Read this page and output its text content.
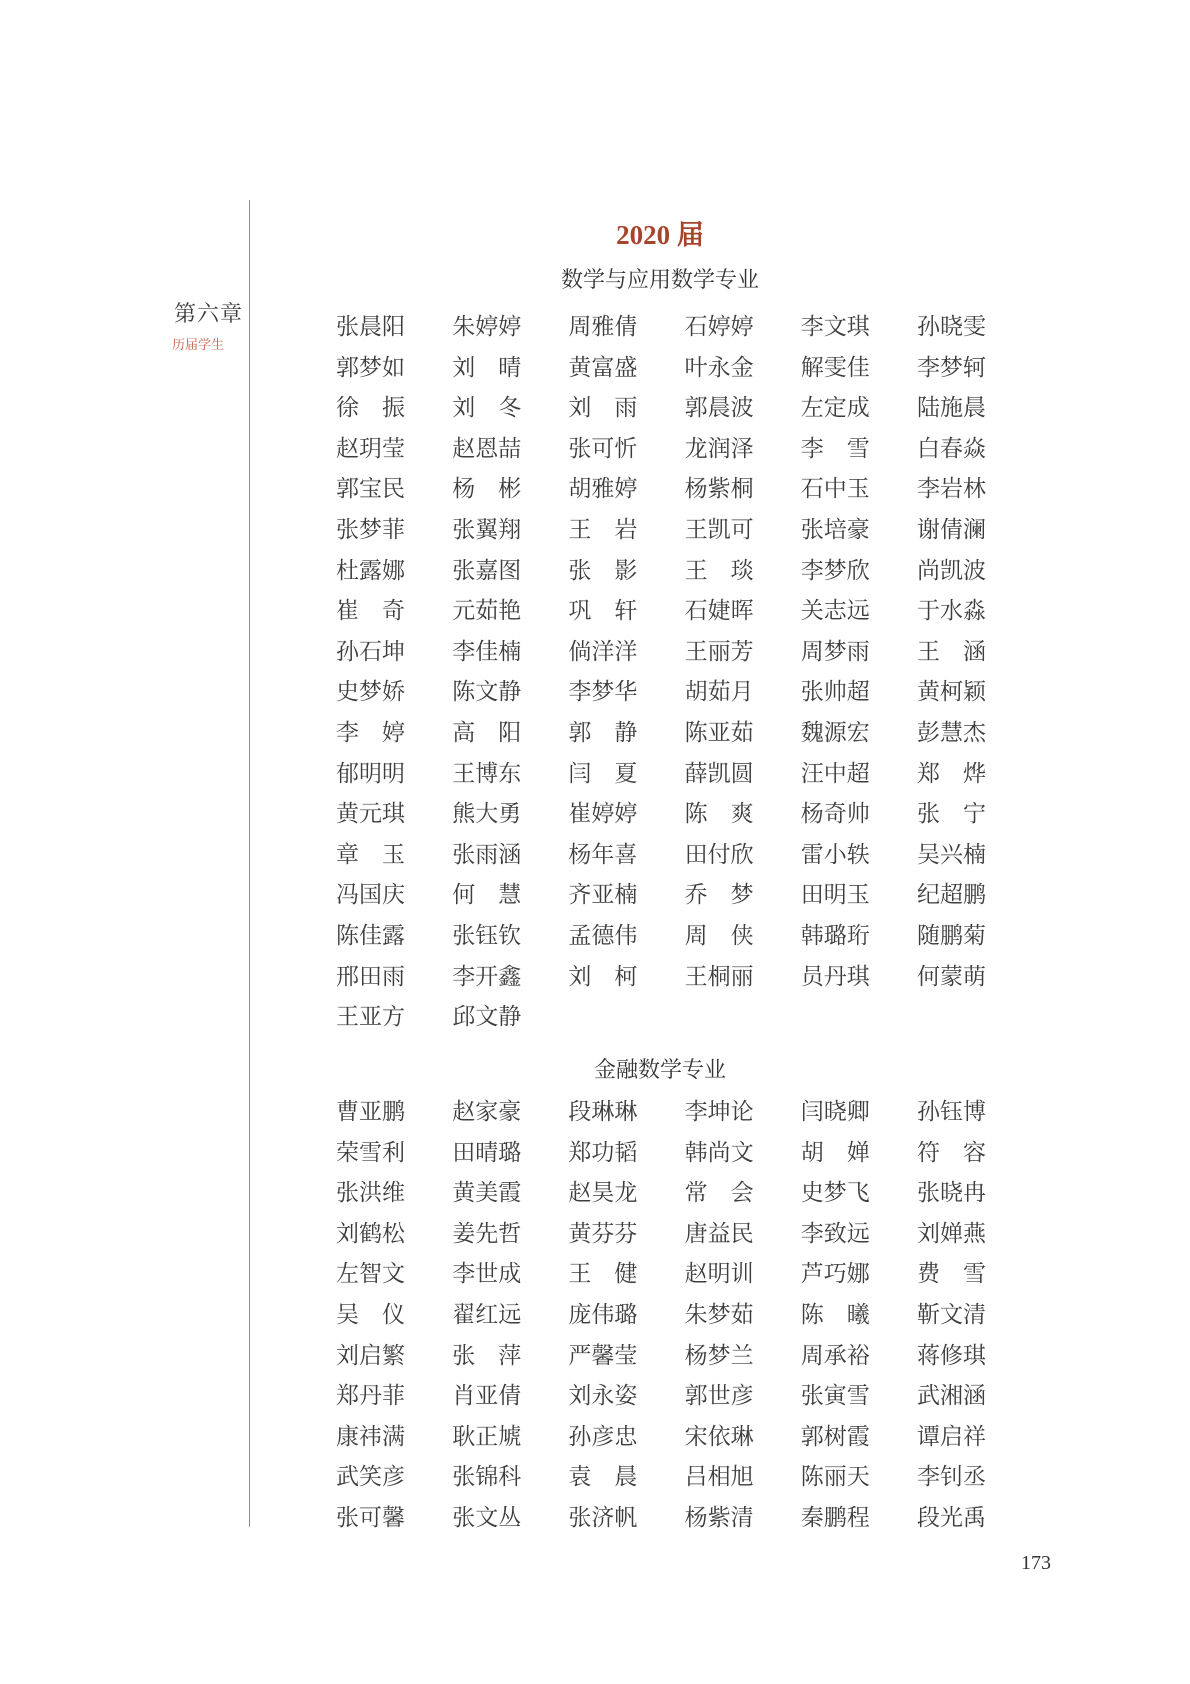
第六章
历届学生
2020 届
数学与应用数学专业
张晨阳	朱婷婷	周雅倩	石婷婷	李文琪	孙晓雯
郭梦如	刘晴	黄富盛	叶永金	解雯佳	李梦轲
徐振	刘冬	刘雨	郭晨波	左定成	陆施晨
赵玥莹	赵恩喆	张可忻	龙润泽	李雪	白春焱
郭宝民	杨彬	胡雅婷	杨紫桐	石中玉	李岩林
张梦菲	张翼翔	王岩	王凯可	张培豪	谢倩澜
杜露娜	张嘉图	张影	王琰	李梦欣	尚凯波
崔奇	元茹艳	巩轩	石婕晖	关志远	于水淼
孙石坤	李佳楠	倘洋洋	王丽芳	周梦雨	王涵
史梦娇	陈文静	李梦华	胡茹月	张帅超	黄柯颖
李婷	高阳	郭静	陈亚茹	魏源宏	彭慧杰
郁明明	王博东	闫夏	薛凯圆	汪中超	郑烨
黄元琪	熊大勇	崔婷婷	陈爽	杨奇帅	张宁
章玉	张雨涵	杨年喜	田付欣	雷小轶	吴兴楠
冯国庆	何慧	齐亚楠	乔梦	田明玉	纪超鹏
陈佳露	张钰钦	孟德伟	周侠	韩璐珩	随鹏菊
邢田雨	李开鑫	刘柯	王桐丽	员丹琪	何蒙萌
王亚方	邱文静
金融数学专业
曹亚鹏	赵家豪	段琳琳	李坤论	闫晓卿	孙钰博
荣雪利	田晴璐	郑功韬	韩尚文	胡婵	符容
张洪维	黄美霞	赵昊龙	常会	史梦飞	张晓冉
刘鹤松	姜先哲	黄芬芬	唐益民	李致远	刘婵燕
左智文	李世成	王健	赵明训	芦巧娜	费雪
吴仪	翟红远	庞伟璐	朱梦茹	陈曦	靳文清
刘启繁	张萍	严馨莹	杨梦兰	周承裕	蒋修琪
郑丹菲	肖亚倩	刘永姿	郭世彦	张寅雪	武湘涵
康祎满	耿正虓	孙彦忠	宋依琳	郭树霞	谭启祥
武笑彦	张锦科	袁晨	吕相旭	陈丽天	李钊丞
张可馨	张文丛	张济帆	杨紫清	秦鹏程	段光禹
173
